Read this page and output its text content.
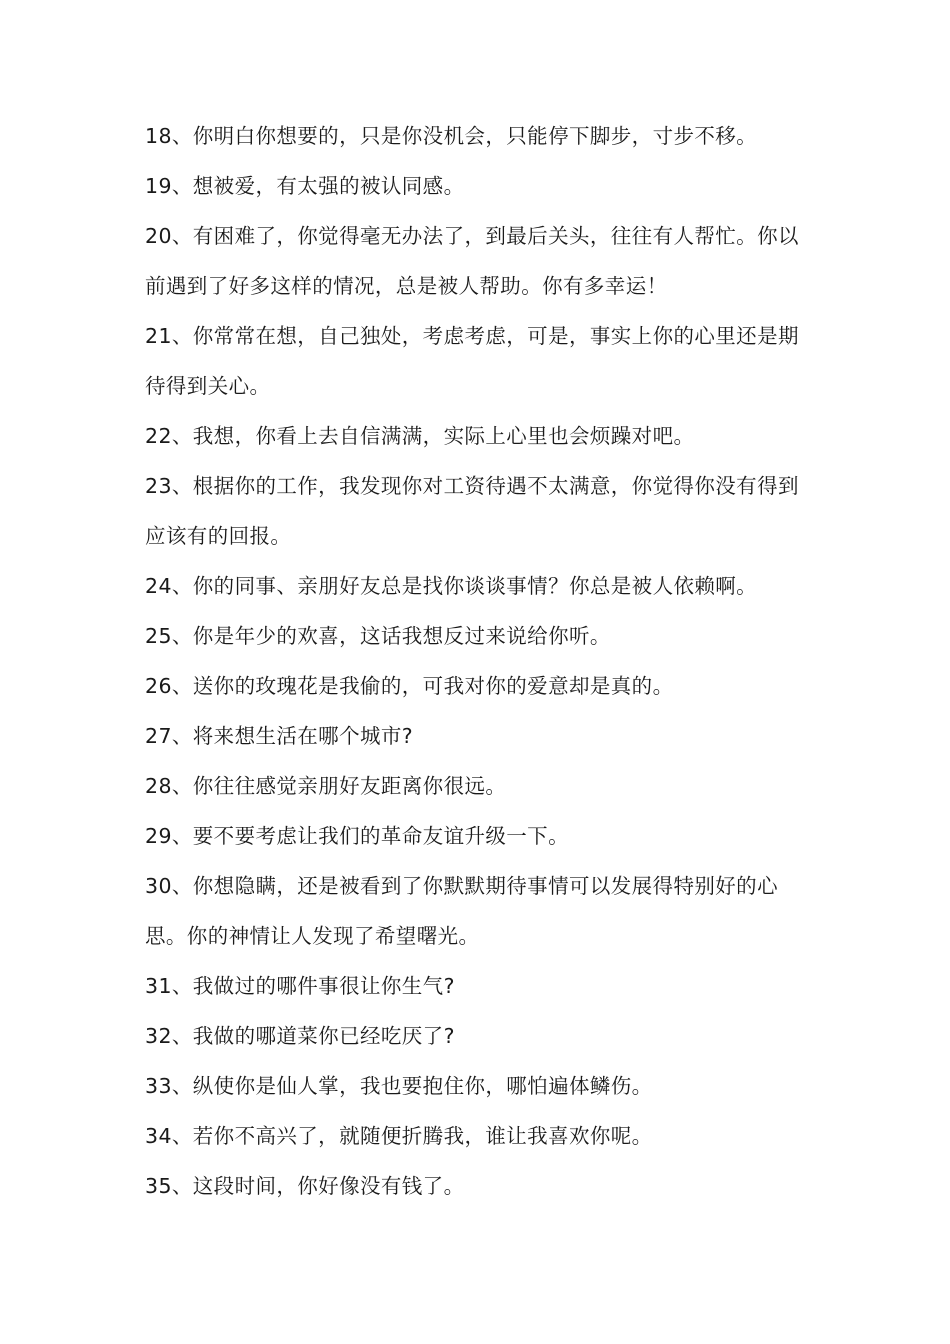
18、你明白你想要的，只是你没机会，只能停下脚步，寸步不移。

19、想被爱，有太强的被认同感。

20、有困难了，你觉得毫无办法了，到最后关头，往往有人帮忙。你以前遇到了好多这样的情况，总是被人帮助。你有多幸运！

21、你常常在想，自己独处，考虑考虑，可是，事实上你的心里还是期待得到关心。

22、我想，你看上去自信满满，实际上心里也会烦躁对吧。

23、根据你的工作，我发现你对工资待遇不太满意，你觉得你没有得到应该有的回报。

24、你的同事、亲朋好友总是找你谈谈事情？你总是被人依赖啊。

25、你是年少的欢喜，这话我想反过来说给你听。

26、送你的玫瑰花是我偷的，可我对你的爱意却是真的。

27、将来想生活在哪个城市?

28、你往往感觉亲朋好友距离你很远。

29、要不要考虑让我们的革命友谊升级一下。

30、你想隐瞒，还是被看到了你默默期待事情可以发展得特别好的心思。你的神情让人发现了希望曙光。

31、我做过的哪件事很让你生气?

32、我做的哪道菜你已经吃厌了?

33、纵使你是仙人掌，我也要抱住你，哪怕遍体鳞伤。

34、若你不高兴了，就随便折腾我，谁让我喜欢你呢。

35、这段时间，你好像没有钱了。
